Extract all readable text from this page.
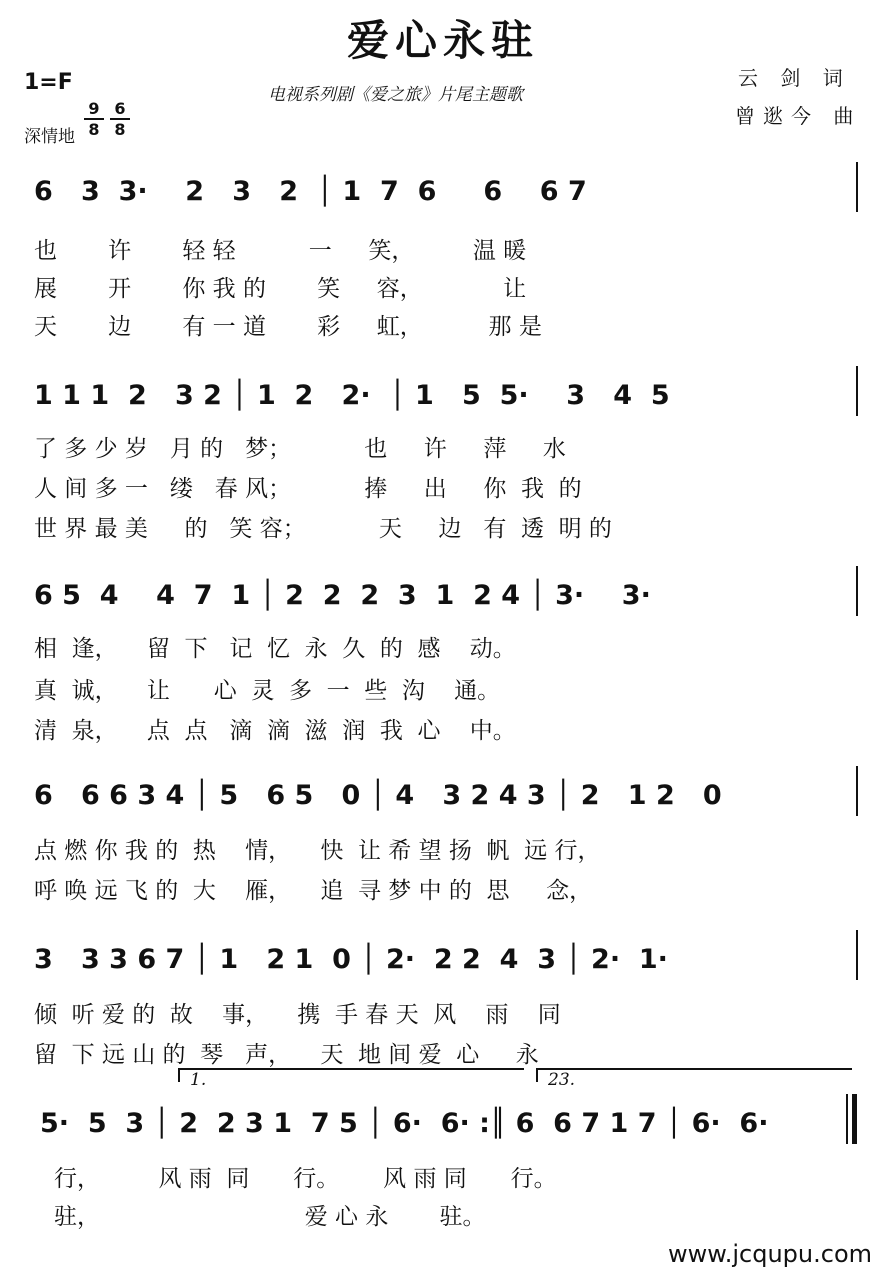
爱心永驻
电视系列剧《爱之旅》片尾主题歌
云 剑 词
曾逖今 曲
1=F

9
8

6
8

深情地
6   3  3·    2   3   2  │ 1  7  6     6    6 7
也       许       轻 轻          一     笑，        温 暖
展       开       你 我 的       笑     容，           让
天       边       有 一 道       彩     虹，         那 是
1 1 1  2   3 2 │ 1  2   2·  │ 1   5  5·    3   4  5
了 多 少 岁   月 的   梦；          也     许     萍     水
人 间 多 一   缕   春 风；          捧     出     你  我  的
世 界 最 美     的   笑 容；          天     边   有  透  明 的
6 5  4    4  7  1 │ 2  2  2  3  1  2 4 │ 3·    3·
相  逢，    留  下   记  忆  永  久  的  感    动。
真  诚，    让      心  灵  多  一  些  沟    通。
清  泉，    点  点   滴  滴  滋  润  我  心    中。
6   6 6 3 4 │ 5   6 5   0 │ 4   3 2 4 3 │ 2   1 2   0
点 燃 你 我 的  热    情，    快  让 希 望 扬  帆  远 行，
呼 唤 远 飞 的  大    雁，    追  寻 梦 中 的  思     念，
3   3 3 6 7 │ 1   2 1  0 │ 2·  2 2  4  3 │ 2·  1·
倾  听 爱 的  故    事，    携  手 春 天  风    雨    同
留  下 远 山 的  琴   声，    天  地 间 爱  心     永
1.	23.
5·  5  3 │ 2  2 3 1  7 5 │ 6·  6· :║ 6  6 7 1 7 │ 6·  6·
行，        风 雨  同      行。      风 雨 同      行。
驻，                            爱 心 永       驻。
www.jcqupu.com
